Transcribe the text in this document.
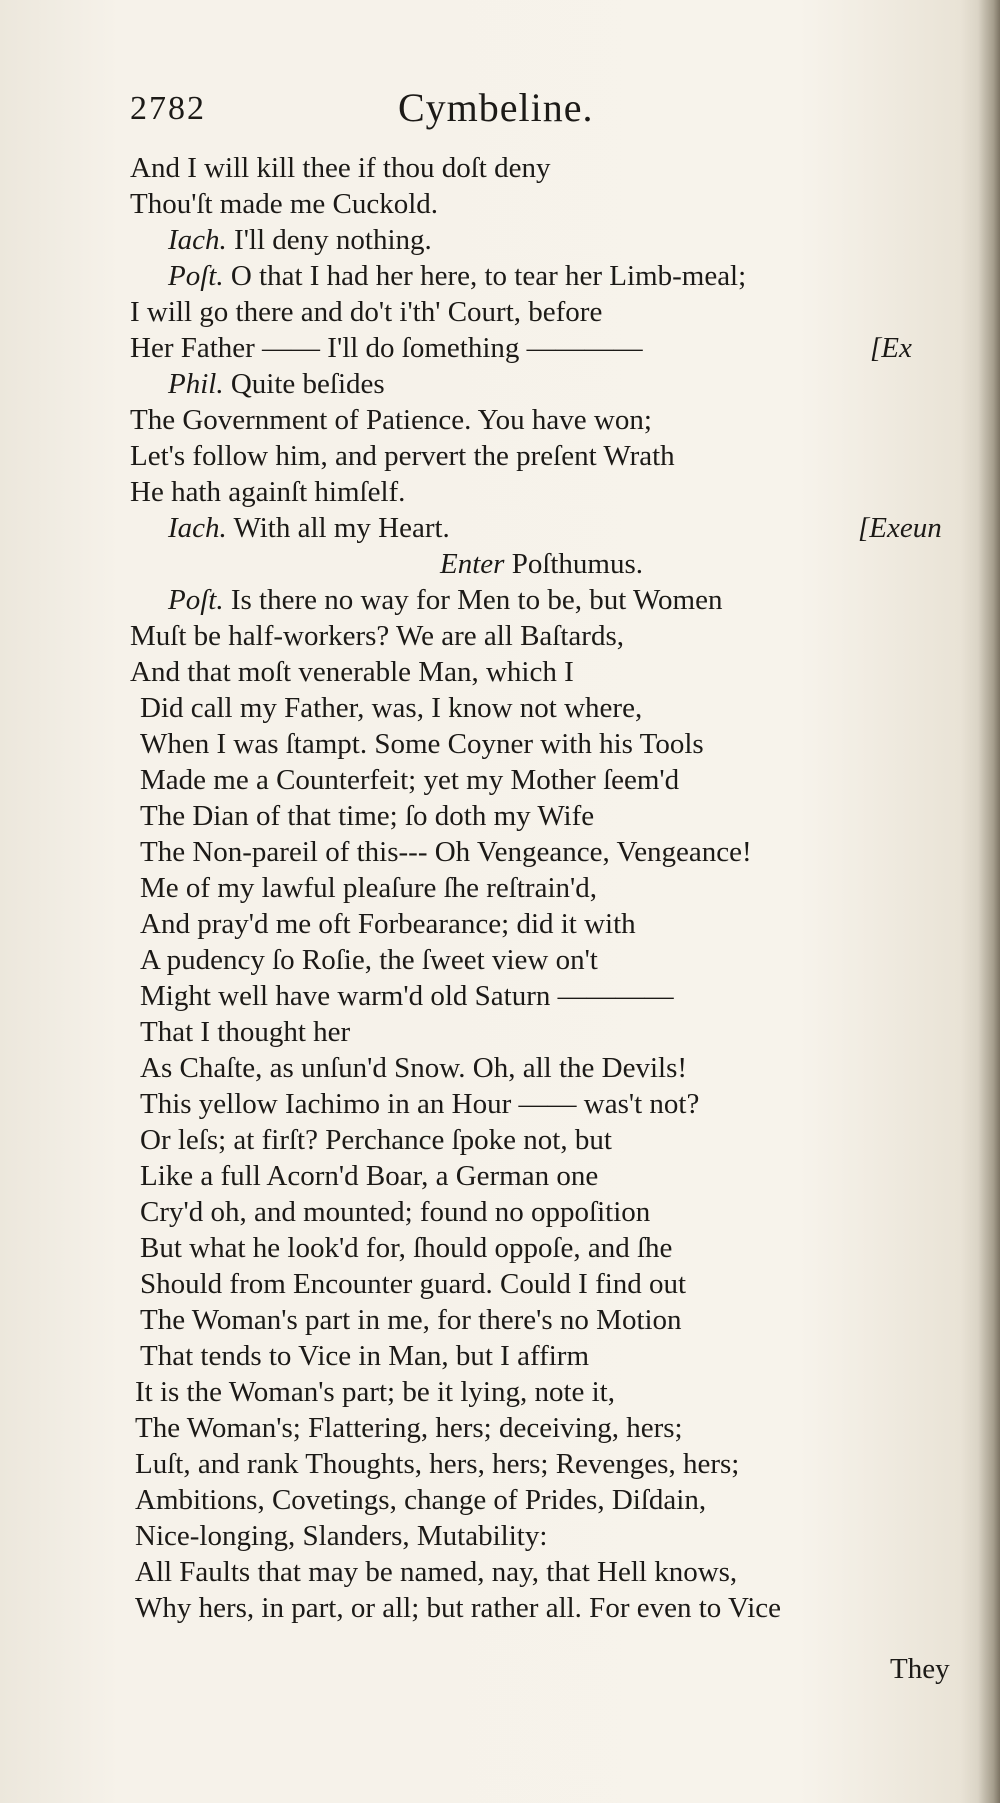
2782	Cymbeline.
And I will kill thee if thou doſt deny
Thou'ſt made me Cuckold.
Iach. I'll deny nothing.
Poſt. O that I had her here, to tear her Limb-meal;
I will go there and do't i'th' Court, before
Her Father —— I'll do ſomething ————	[Ex
Phil. Quite beſides
The Government of Patience. You have won;
Let's follow him, and pervert the preſent Wrath
He hath againſt himſelf.
Iach. With all my Heart.	[Exeun
Enter Poſthumus.
Poſt. Is there no way for Men to be, but Women
Muſt be half-workers? We are all Baſtards,
And that moſt venerable Man, which I
Did call my Father, was, I know not where,
When I was ſtampt. Some Coyner with his Tools
Made me a Counterfeit; yet my Mother ſeem'd
The Dian of that time; ſo doth my Wife
The Non-pareil of this--- Oh Vengeance, Vengeance!
Me of my lawful pleaſure ſhe reſtrain'd,
And pray'd me oft Forbearance; did it with
A pudency ſo Roſie, the ſweet view on't
Might well have warm'd old Saturn ————
That I thought her
As Chaſte, as unſun'd Snow. Oh, all the Devils!
This yellow Iachimo in an Hour —— was't not?
Or leſs; at firſt? Perchance ſpoke not, but
Like a full Acorn'd Boar, a German one
Cry'd oh, and mounted; found no oppoſition
But what he look'd for, ſhould oppoſe, and ſhe
Should from Encounter guard. Could I find out
The Woman's part in me, for there's no Motion
That tends to Vice in Man, but I affirm
It is the Woman's part; be it lying, note it,
The Woman's; Flattering, hers; deceiving, hers;
Luſt, and rank Thoughts, hers, hers; Revenges, hers;
Ambitions, Covetings, change of Prides, Diſdain,
Nice-longing, Slanders, Mutability:
All Faults that may be named, nay, that Hell knows,
Why hers, in part, or all; but rather all. For even to Vice
They
